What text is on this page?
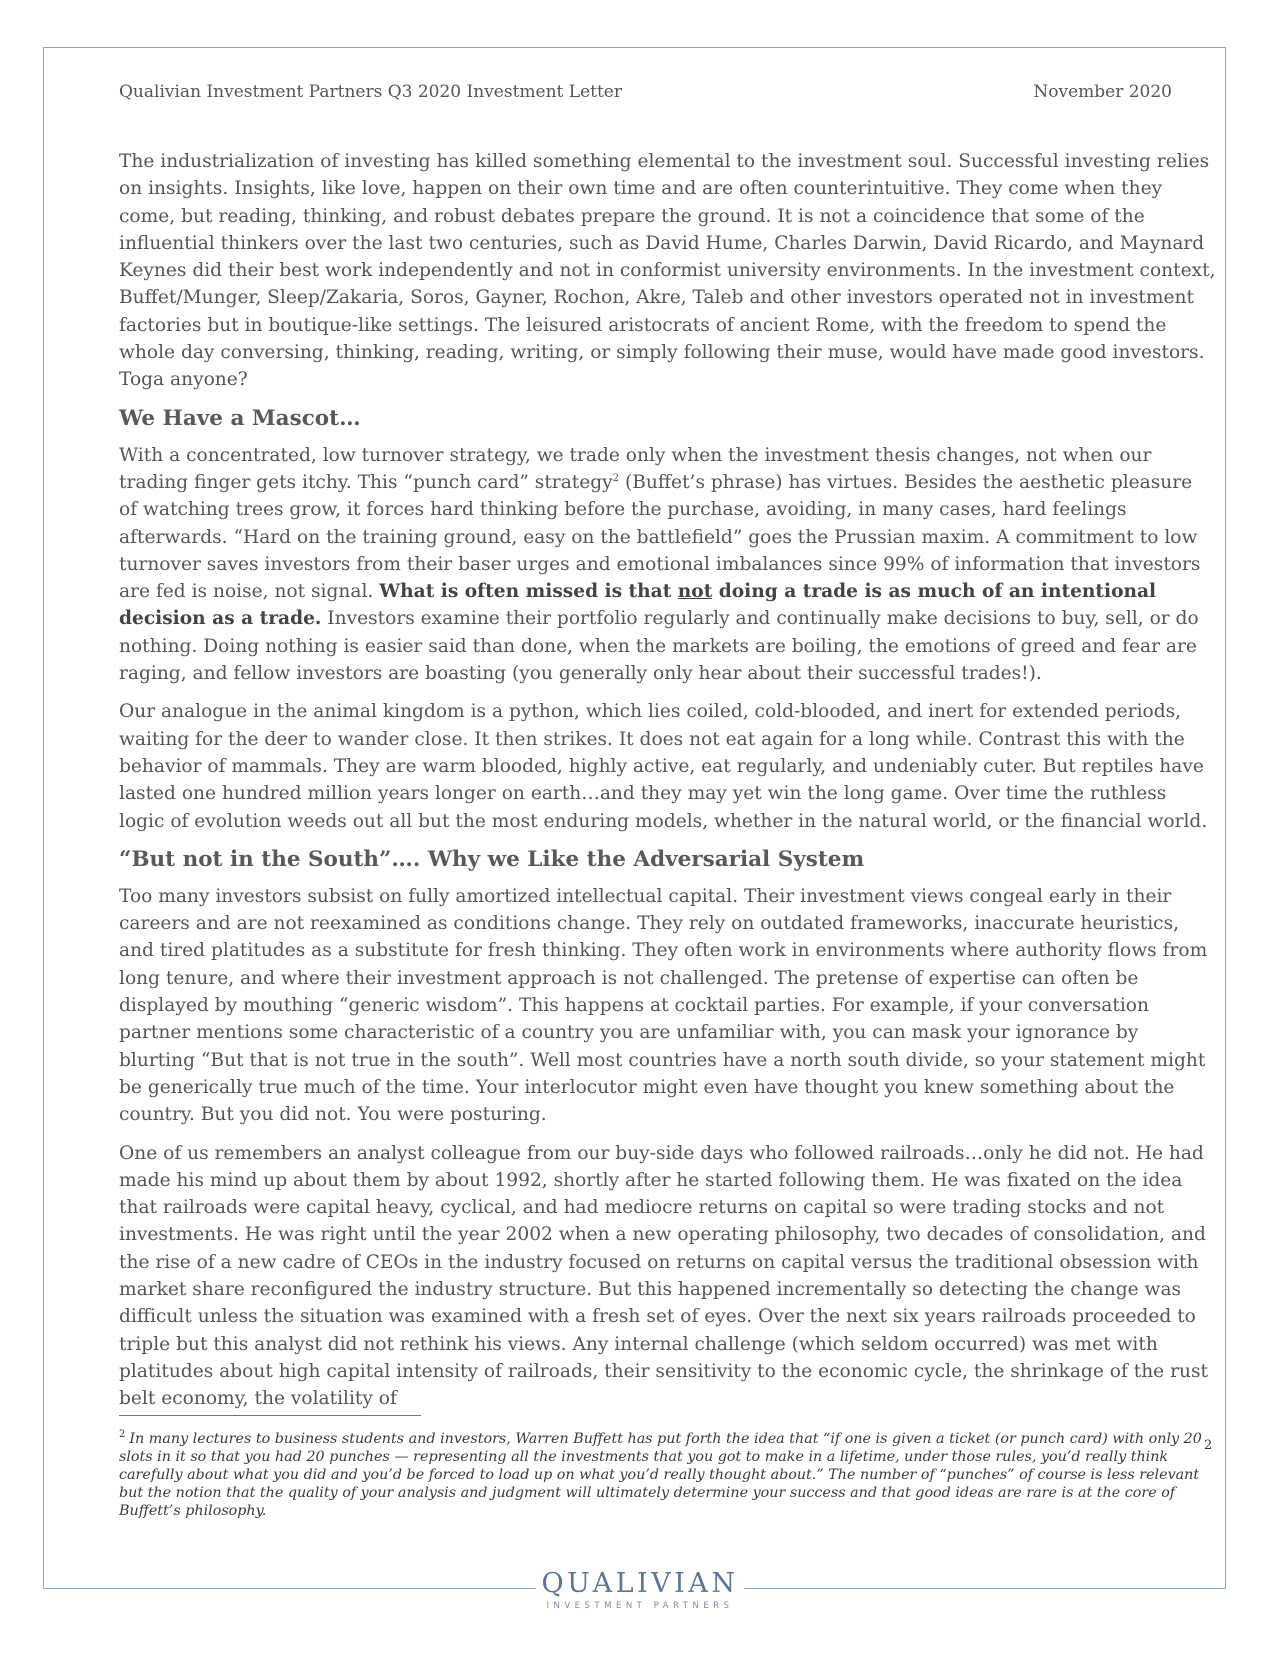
Qualivian Investment Partners Q3 2020 Investment Letter	November 2020

The industrialization of investing has killed something elemental to the investment soul. Successful investing relies on insights. Insights, like love, happen on their own time and are often counterintuitive. They come when they come, but reading, thinking, and robust debates prepare the ground. It is not a coincidence that some of the influential thinkers over the last two centuries, such as David Hume, Charles Darwin, David Ricardo, and Maynard Keynes did their best work independently and not in conformist university environments. In the investment context, Buffet/Munger, Sleep/Zakaria, Soros, Gayner, Rochon, Akre, Taleb and other investors operated not in investment factories but in boutique-like settings. The leisured aristocrats of ancient Rome, with the freedom to spend the whole day conversing, thinking, reading, writing, or simply following their muse, would have made good investors. Toga anyone?

We Have a Mascot…

With a concentrated, low turnover strategy, we trade only when the investment thesis changes, not when our trading finger gets itchy. This “punch card” strategy$^2$ (Buffet’s phrase) has virtues. Besides the aesthetic pleasure of watching trees grow, it forces hard thinking before the purchase, avoiding, in many cases, hard feelings afterwards. “Hard on the training ground, easy on the battlefield” goes the Prussian maxim. A commitment to low turnover saves investors from their baser urges and emotional imbalances since 99% of information that investors are fed is noise, not signal. What is often missed is that not doing a trade is as much of an intentional decision as a trade. Investors examine their portfolio regularly and continually make decisions to buy, sell, or do nothing. Doing nothing is easier said than done, when the markets are boiling, the emotions of greed and fear are raging, and fellow investors are boasting (you generally only hear about their successful trades!).

Our analogue in the animal kingdom is a python, which lies coiled, cold-blooded, and inert for extended periods, waiting for the deer to wander close. It then strikes. It does not eat again for a long while. Contrast this with the behavior of mammals. They are warm blooded, highly active, eat regularly, and undeniably cuter. But reptiles have lasted one hundred million years longer on earth…and they may yet win the long game. Over time the ruthless logic of evolution weeds out all but the most enduring models, whether in the natural world, or the financial world.

“But not in the South”…. Why we Like the Adversarial System

Too many investors subsist on fully amortized intellectual capital. Their investment views congeal early in their careers and are not reexamined as conditions change. They rely on outdated frameworks, inaccurate heuristics, and tired platitudes as a substitute for fresh thinking. They often work in environments where authority flows from long tenure, and where their investment approach is not challenged. The pretense of expertise can often be displayed by mouthing “generic wisdom”. This happens at cocktail parties. For example, if your conversation partner mentions some characteristic of a country you are unfamiliar with, you can mask your ignorance by blurting “But that is not true in the south”. Well most countries have a north south divide, so your statement might be generically true much of the time. Your interlocutor might even have thought you knew something about the country. But you did not. You were posturing.

One of us remembers an analyst colleague from our buy-side days who followed railroads…only he did not. He had made his mind up about them by about 1992, shortly after he started following them. He was fixated on the idea that railroads were capital heavy, cyclical, and had mediocre returns on capital so were trading stocks and not investments. He was right until the year 2002 when a new operating philosophy, two decades of consolidation, and the rise of a new cadre of CEOs in the industry focused on returns on capital versus the traditional obsession with market share reconfigured the industry structure. But this happened incrementally so detecting the change was difficult unless the situation was examined with a fresh set of eyes. Over the next six years railroads proceeded to triple but this analyst did not rethink his views. Any internal challenge (which seldom occurred) was met with platitudes about high capital intensity of railroads, their sensitivity to the economic cycle, the shrinkage of the rust belt economy, the volatility of

$^2$ In many lectures to business students and investors, Warren Buffett has put forth the idea that “if one is given a ticket (or punch card) with only 20 slots in it so that you had 20 punches — representing all the investments that you got to make in a lifetime, under those rules, you’d really think carefully about what you did and you’d be forced to load up on what you’d really thought about.” The number of “punches” of course is less relevant but the notion that the quality of your analysis and judgment will ultimately determine your success and that good ideas are rare is at the core of Buffett’s philosophy.
2
QUALIVIAN
INVESTMENT PARTNERS
